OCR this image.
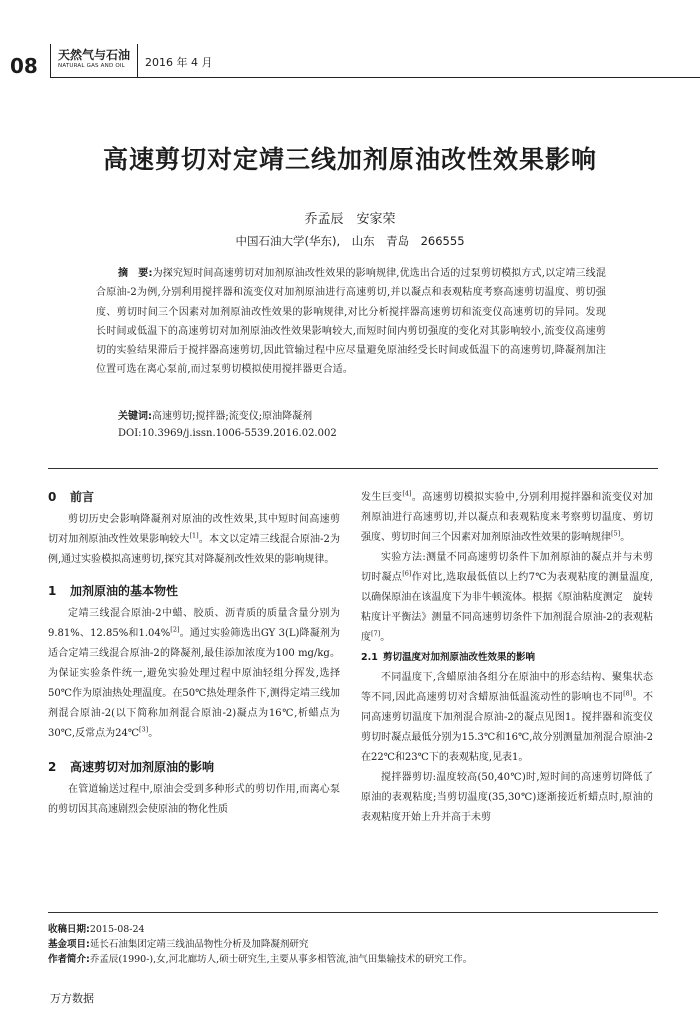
08 天然气与石油
NATURAL GAS AND OIL 2016 年 4 月
高速剪切对定靖三线加剂原油改性效果影响
乔孟辰　安家荣
中国石油大学(华东),　山东　青岛　266555
摘　要:为探究短时间高速剪切对加剂原油改性效果的影响规律,优选出合适的过泵剪切模拟方式,以定靖三线混合原油-2为例,分别利用搅拌器和流变仪对加剂原油进行高速剪切,并以凝点和表观粘度考察高速剪切温度、剪切强度、剪切时间三个因素对加剂原油改性效果的影响规律,对比分析搅拌器高速剪切和流变仪高速剪切的异同。发现长时间或低温下的高速剪切对加剂原油改性效果影响较大,而短时间内剪切强度的变化对其影响较小,流变仪高速剪切的实验结果滞后于搅拌器高速剪切,因此管输过程中应尽量避免原油经受长时间或低温下的高速剪切,降凝剂加注位置可选在离心泵前,而过泵剪切模拟使用搅拌器更合适。
关键词:高速剪切;搅拌器;流变仪;原油降凝剂
DOI:10.3969/j.issn.1006-5539.2016.02.002
0 前言

剪切历史会影响降凝剂对原油的改性效果,其中短时间高速剪切对加剂原油改性效果影响较大[1]。本文以定靖三线混合原油-2为例,通过实验模拟高速剪切,探究其对降凝剂改性效果的影响规律。

1 加剂原油的基本物性

定靖三线混合原油-2中蜡、胶质、沥青质的质量含量分别为9.81%、12.85%和1.04%[2]。通过实验筛选出GY 3(L)降凝剂为适合定靖三线混合原油-2的降凝剂,最佳添加浓度为100 mg/kg。为保证实验条件统一,避免实验处理过程中原油轻组分挥发,选择50℃作为原油热处理温度。在50℃热处理条件下,测得定靖三线加剂混合原油-2(以下简称加剂混合原油-2)凝点为16℃,析蜡点为30℃,反常点为24℃[3]。

2 高速剪切对加剂原油的影响

在管道输送过程中,原油会受到多种形式的剪切作用,而离心泵的剪切因其高速剧烈会使原油的物化性质

发生巨变[4]。高速剪切模拟实验中,分别利用搅拌器和流变仪对加剂原油进行高速剪切,并以凝点和表观粘度来考察剪切温度、剪切强度、剪切时间三个因素对加剂原油改性效果的影响规律[5]。

实验方法:测量不同高速剪切条件下加剂原油的凝点并与未剪切时凝点[6]作对比,选取最低值以上约7℃为表观粘度的测量温度,以确保原油在该温度下为非牛顿流体。根据《原油粘度测定　旋转粘度计平衡法》测量不同高速剪切条件下加剂混合原油-2的表观粘度[7]。

2.1 剪切温度对加剂原油改性效果的影响

不同温度下,含蜡原油各组分在原油中的形态结构、聚集状态等不同,因此高速剪切对含蜡原油低温流动性的影响也不同[8]。不同高速剪切温度下加剂混合原油-2的凝点见图1。搅拌器和流变仪剪切时凝点最低分别为15.3℃和16℃,故分别测量加剂混合原油-2在22℃和23℃下的表观粘度,见表1。

搅拌器剪切:温度较高(50,40℃)时,短时间的高速剪切降低了原油的表观粘度;当剪切温度(35,30℃)逐渐接近析蜡点时,原油的表观粘度开始上升并高于未剪

收稿日期:2015-08-24
基金项目:延长石油集团定靖三线油品物性分析及加降凝剂研究
作者简介:乔孟辰(1990-),女,河北廊坊人,硕士研究生,主要从事多相管流,油气田集输技术的研究工作。
万方数据
